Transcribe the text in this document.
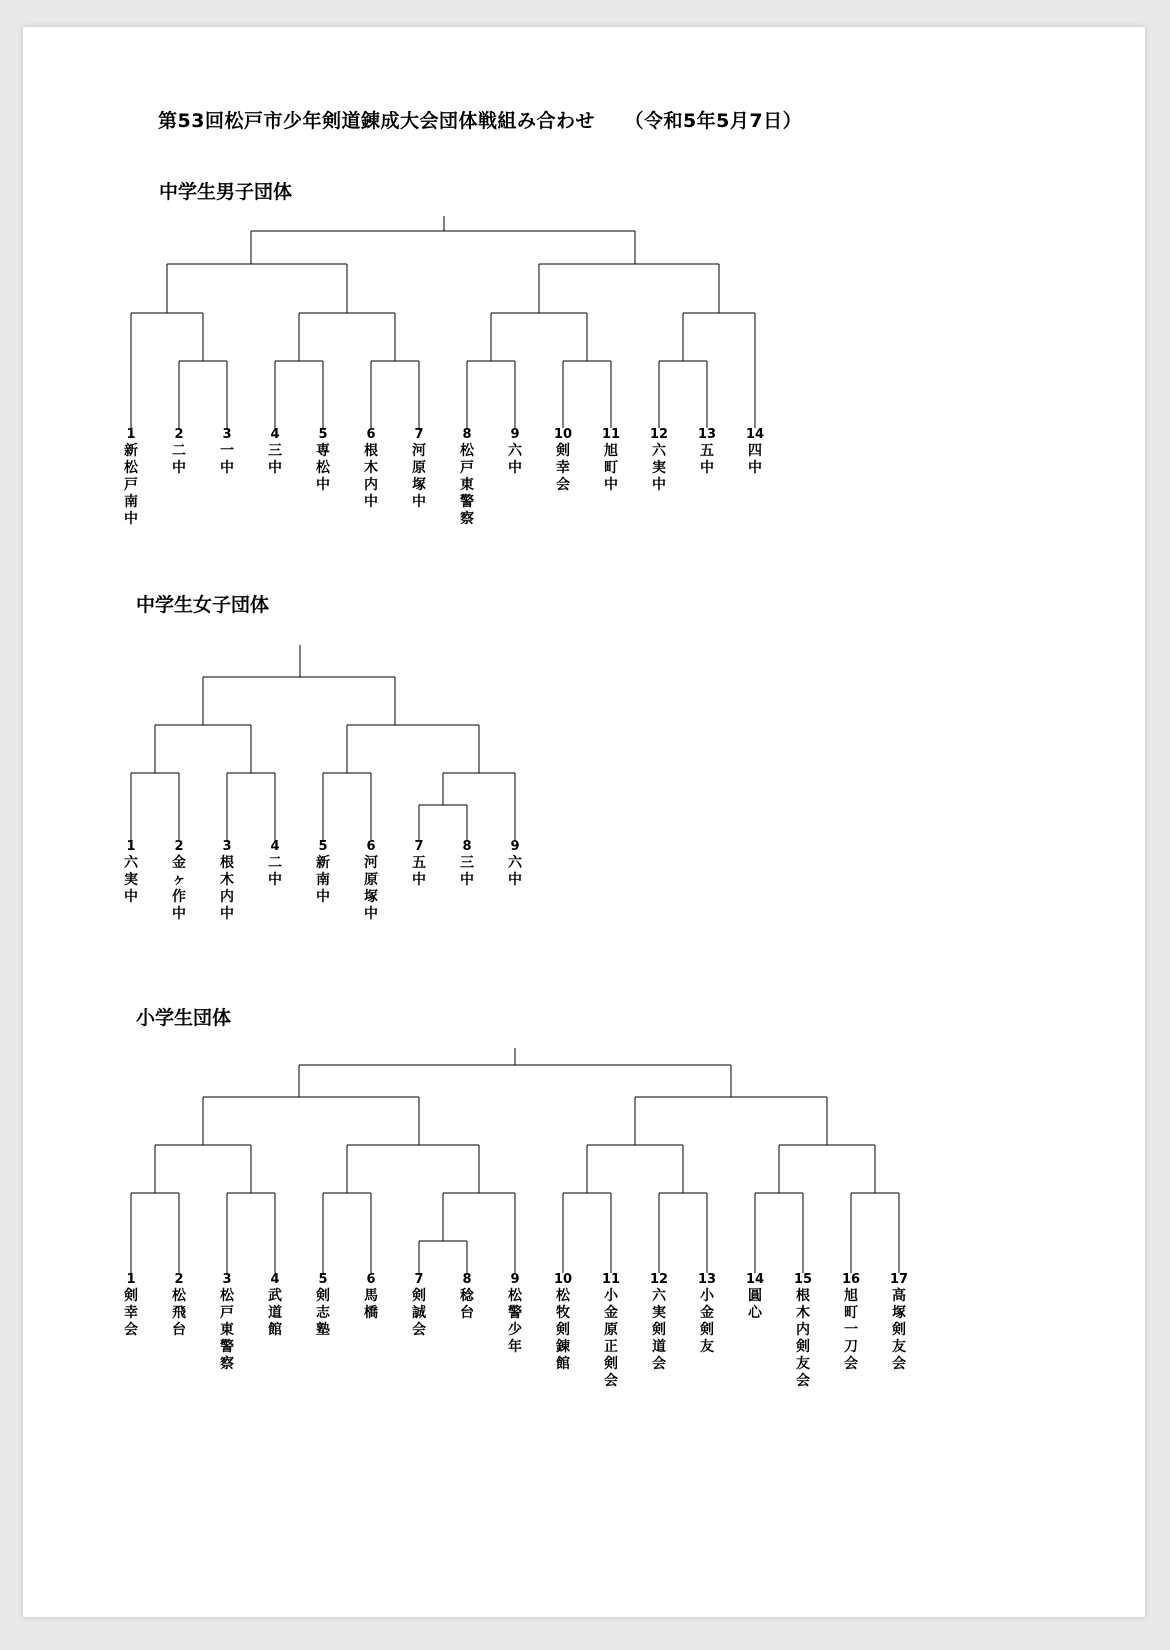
第53回松戸市少年剣道錬成大会団体戦組み合わせ　　（令和5年5月7日）
中学生男子団体
中学生女子団体
小学生団体
1
新松戸南中
2
二中
3
一中
4
三中
5
専松中
6
根木内中
7
河原塚中
8
松戸東警察
9
六中
10
剣幸会
11
旭町中
12
六実中
13
五中
14
四中
1
六実中
2
金ヶ作中
3
根木内中
4
二中
5
新南中
6
河原塚中
7
五中
8
三中
9
六中
1
剣幸会
2
松飛台
3
松戸東警察
4
武道館
5
剣志塾
6
馬橋
7
剣誠会
8
稔台
9
松警少年
10
松牧剣錬館
11
小金原正剣会
12
六実剣道会
13
小金剣友
14
圓心
15
根木内剣友会
16
旭町一刀会
17
高塚剣友会
